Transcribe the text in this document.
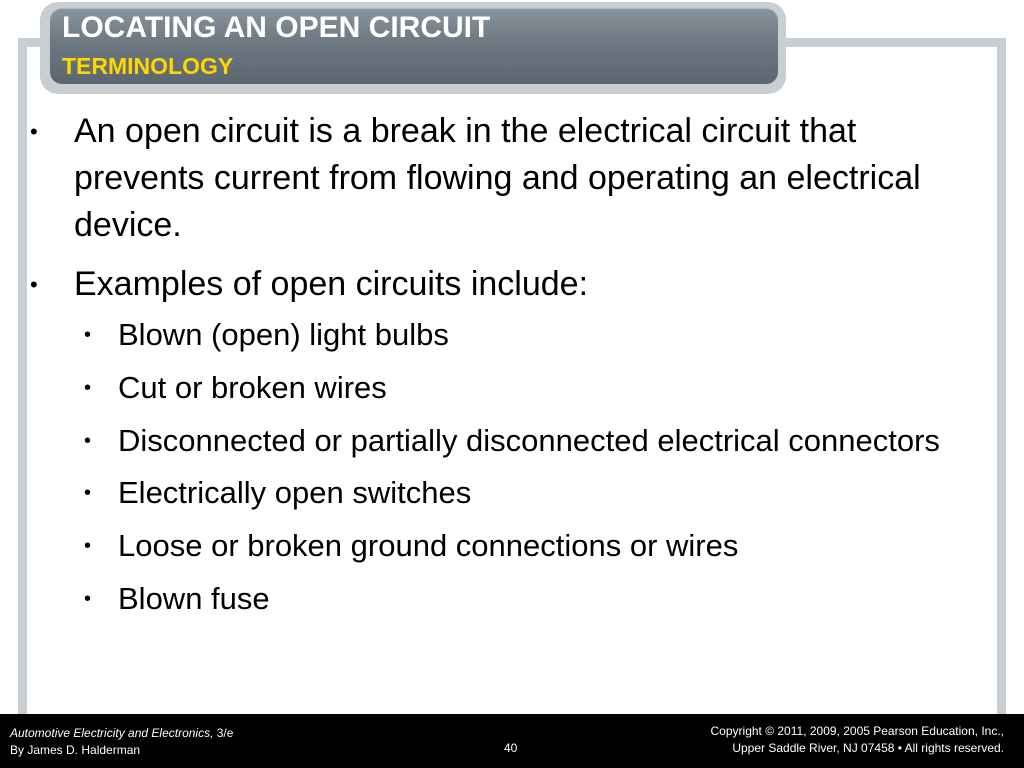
LOCATING AN OPEN CIRCUIT
TERMINOLOGY
• An open circuit is a break in the electrical circuit that prevents current from flowing and operating an electrical device.
• Examples of open circuits include:
• Blown (open) light bulbs
• Cut or broken wires
• Disconnected or partially disconnected electrical connectors
• Electrically open switches
• Loose or broken ground connections or wires
• Blown fuse
Automotive Electricity and Electronics, 3/e
By James D. Halderman	40
Copyright © 2011, 2009, 2005 Pearson Education, Inc.,
Upper Saddle River, NJ 07458 • All rights reserved.
